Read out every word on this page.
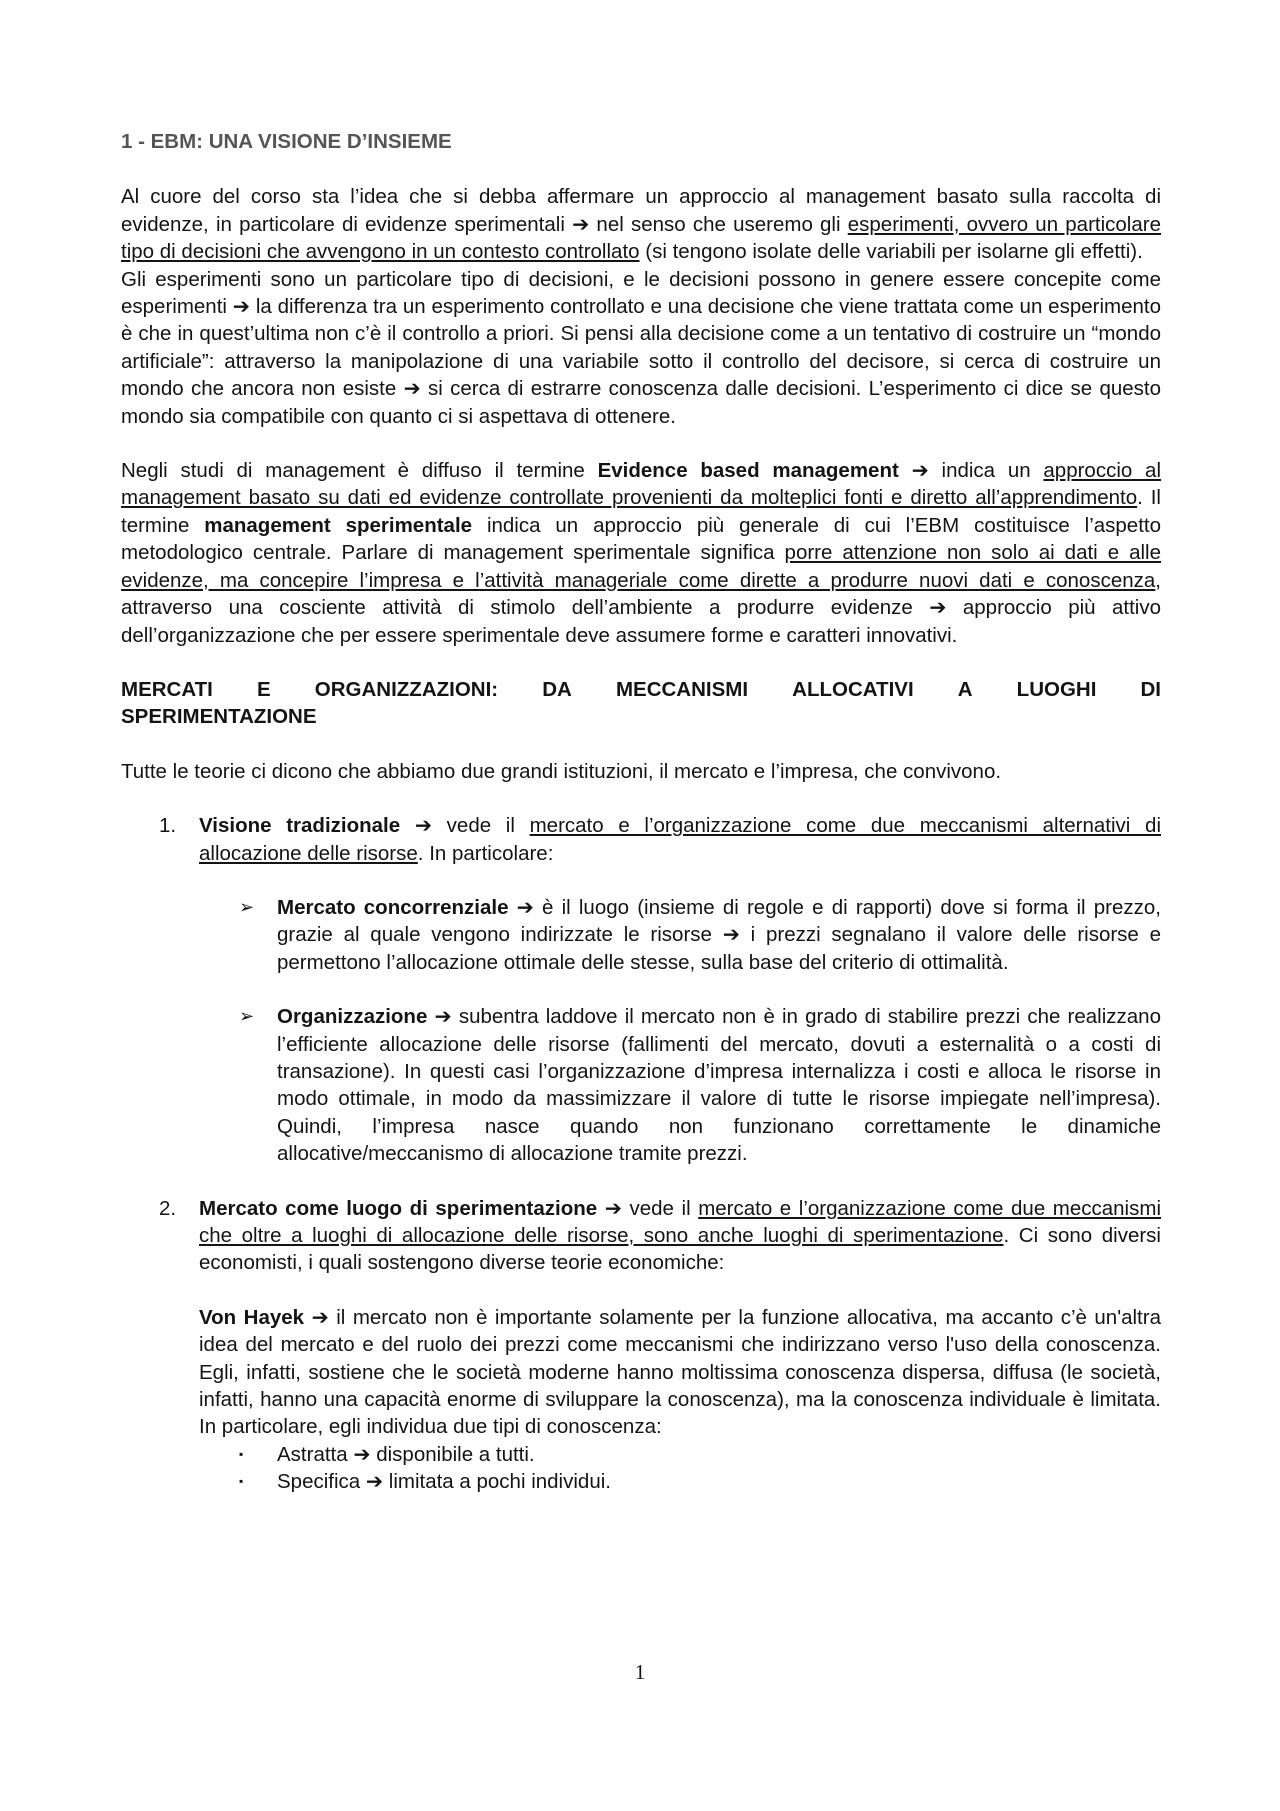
1 - EBM: UNA VISIONE D’INSIEME

Al cuore del corso sta l’idea che si debba affermare un approccio al management basato sulla raccolta di evidenze, in particolare di evidenze sperimentali ➔ nel senso che useremo gli esperimenti, ovvero un particolare tipo di decisioni che avvengono in un contesto controllato (si tengono isolate delle variabili per isolarne gli effetti).

Gli esperimenti sono un particolare tipo di decisioni, e le decisioni possono in genere essere concepite come esperimenti ➔ la differenza tra un esperimento controllato e una decisione che viene trattata come un esperimento è che in quest’ultima non c’è il controllo a priori. Si pensi alla decisione come a un tentativo di costruire un “mondo artificiale”: attraverso la manipolazione di una variabile sotto il controllo del decisore, si cerca di costruire un mondo che ancora non esiste ➔ si cerca di estrarre conoscenza dalle decisioni. L’esperimento ci dice se questo mondo sia compatibile con quanto ci si aspettava di ottenere.

Negli studi di management è diffuso il termine Evidence based management ➔ indica un approccio al management basato su dati ed evidenze controllate provenienti da molteplici fonti e diretto all’apprendimento. Il termine management sperimentale indica un approccio più generale di cui l’EBM costituisce l’aspetto metodologico centrale. Parlare di management sperimentale significa porre attenzione non solo ai dati e alle evidenze, ma concepire l’impresa e l’attività manageriale come dirette a produrre nuovi dati e conoscenza, attraverso una cosciente attività di stimolo dell’ambiente a produrre evidenze ➔ approccio più attivo dell’organizzazione che per essere sperimentale deve assumere forme e caratteri innovativi.

MERCATI E ORGANIZZAZIONI: DA MECCANISMI ALLOCATIVI A LUOGHI DI
SPERIMENTAZIONE

Tutte le teorie ci dicono che abbiamo due grandi istituzioni, il mercato e l’impresa, che convivono.

1. Visione tradizionale ➔ vede il mercato e l’organizzazione come due meccanismi alternativi di allocazione delle risorse. In particolare:

➢ Mercato concorrenziale ➔ è il luogo (insieme di regole e di rapporti) dove si forma il prezzo, grazie al quale vengono indirizzate le risorse ➔ i prezzi segnalano il valore delle risorse e permettono l’allocazione ottimale delle stesse, sulla base del criterio di ottimalità.

➢ Organizzazione ➔ subentra laddove il mercato non è in grado di stabilire prezzi che realizzano l’efficiente allocazione delle risorse (fallimenti del mercato, dovuti a esternalità o a costi di transazione). In questi casi l’organizzazione d’impresa internalizza i costi e alloca le risorse in modo ottimale, in modo da massimizzare il valore di tutte le risorse impiegate nell’impresa). Quindi, l’impresa nasce quando non funzionano correttamente le dinamiche allocative/meccanismo di allocazione tramite prezzi.

2. Mercato come luogo di sperimentazione ➔ vede il mercato e l’organizzazione come due meccanismi che oltre a luoghi di allocazione delle risorse, sono anche luoghi di sperimentazione. Ci sono diversi economisti, i quali sostengono diverse teorie economiche:

Von Hayek ➔ il mercato non è importante solamente per la funzione allocativa, ma accanto c’è un'altra idea del mercato e del ruolo dei prezzi come meccanismi che indirizzano verso l'uso della conoscenza. Egli, infatti, sostiene che le società moderne hanno moltissima conoscenza dispersa, diffusa (le società, infatti, hanno una capacità enorme di sviluppare la conoscenza), ma la conoscenza individuale è limitata. In particolare, egli individua due tipi di conoscenza:

▪ Astratta ➔ disponibile a tutti.
▪ Specifica ➔ limitata a pochi individui.
1
